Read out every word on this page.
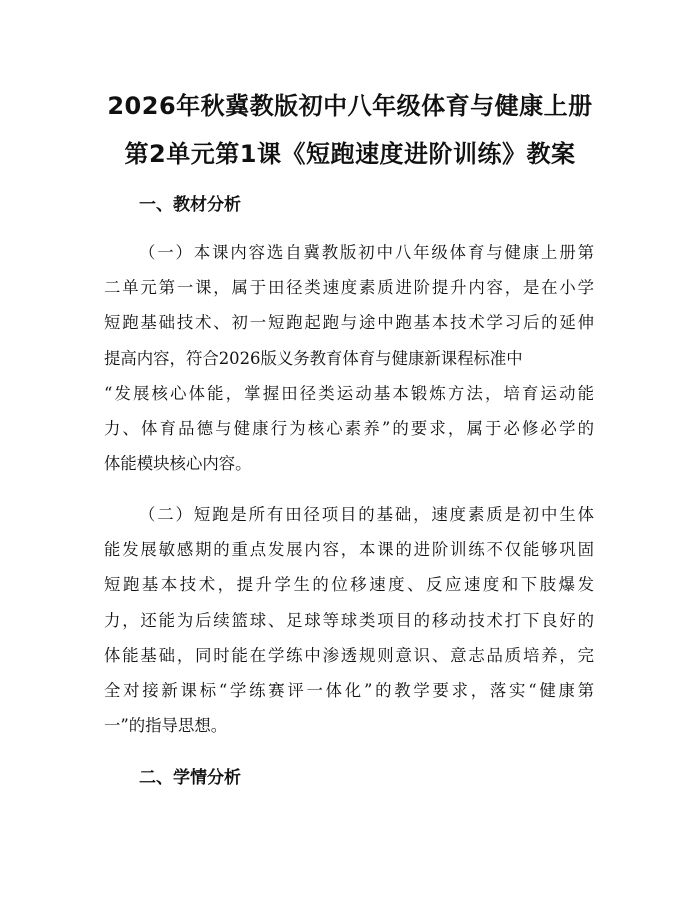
2026年秋冀教版初中八年级体育与健康上册
第2单元第1课《短跑速度进阶训练》教案
一、教材分析

（一）本课内容选自冀教版初中八年级体育与健康上册第
二单元第一课，属于田径类速度素质进阶提升内容，是在小学
短跑基础技术、初一短跑起跑与途中跑基本技术学习后的延伸
提高内容，符合2026版义务教育体育与健康新课程标准中
“发展核心体能，掌握田径类运动基本锻炼方法，培育运动能
力、体育品德与健康行为核心素养”的要求，属于必修必学的
体能模块核心内容。

（二）短跑是所有田径项目的基础，速度素质是初中生体
能发展敏感期的重点发展内容，本课的进阶训练不仅能够巩固
短跑基本技术，提升学生的位移速度、反应速度和下肢爆发
力，还能为后续篮球、足球等球类项目的移动技术打下良好的
体能基础，同时能在学练中渗透规则意识、意志品质培养，完
全对接新课标“学练赛评一体化”的教学要求，落实“健康第
一”的指导思想。

二、学情分析
